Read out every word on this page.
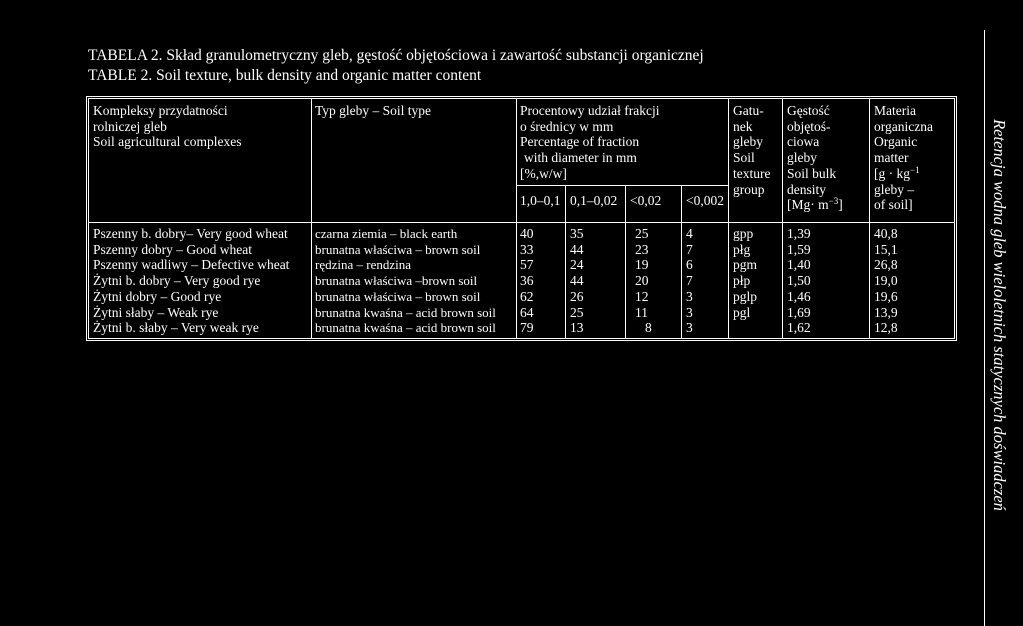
TABELA 2. Skład granulometryczny gleb, gęstość objętościowa i zawartość substancji organicznej
TABLE 2. Soil texture, bulk density and organic matter content
Kompleksy przydatności
rolniczej gleb
Soil agricultural complexes
Typ gleby – Soil type	Procentowy udział frakcji
o średnicy w mm
Percentage of fraction
with diameter in mm
[%,w/w]
1,0–0,1 0,1–0,02 <0,02 <0,002
Gatu-
nek
gleby
Soil
texture
group
Gęstość
objętoś-
ciowa
gleby
Soil bulk
density
$[Mg\cdot m^{-3}]$
Materia
organiczna
Organic
matter
[$g \cdot kg^{-1}$
gleby –
of soil]
Pszenny b. dobry– Very good wheat
Pszenny dobry – Good wheat
Pszenny wadliwy – Defective wheat
Żytni b. dobry – Very good rye
Żytni dobry – Good rye
Żytni słaby – Weak rye
Żytni b. słaby – Very weak rye
czarna ziemia – black earth
brunatna właściwa – brown soil
rędzina – rendzina
brunatna właściwa –brown soil
brunatna właściwa – brown soil
brunatna kwaśna – acid brown soil
brunatna kwaśna – acid brown soil
40
33
57
36
62
64
79
35
44
24
44
26
25
13
25
23
19
20
12
11
8
4
7
6
7
3
3
3
gpp
płg
pgm
płp
pglp
pgl

1,39
1,59
1,40
1,50
1,46
1,69
1,62
40,8
15,1
26,8
19,0
19,6
13,9
12,8	Retencja wodna gleb wieloletnich statycznych doświadczeń
